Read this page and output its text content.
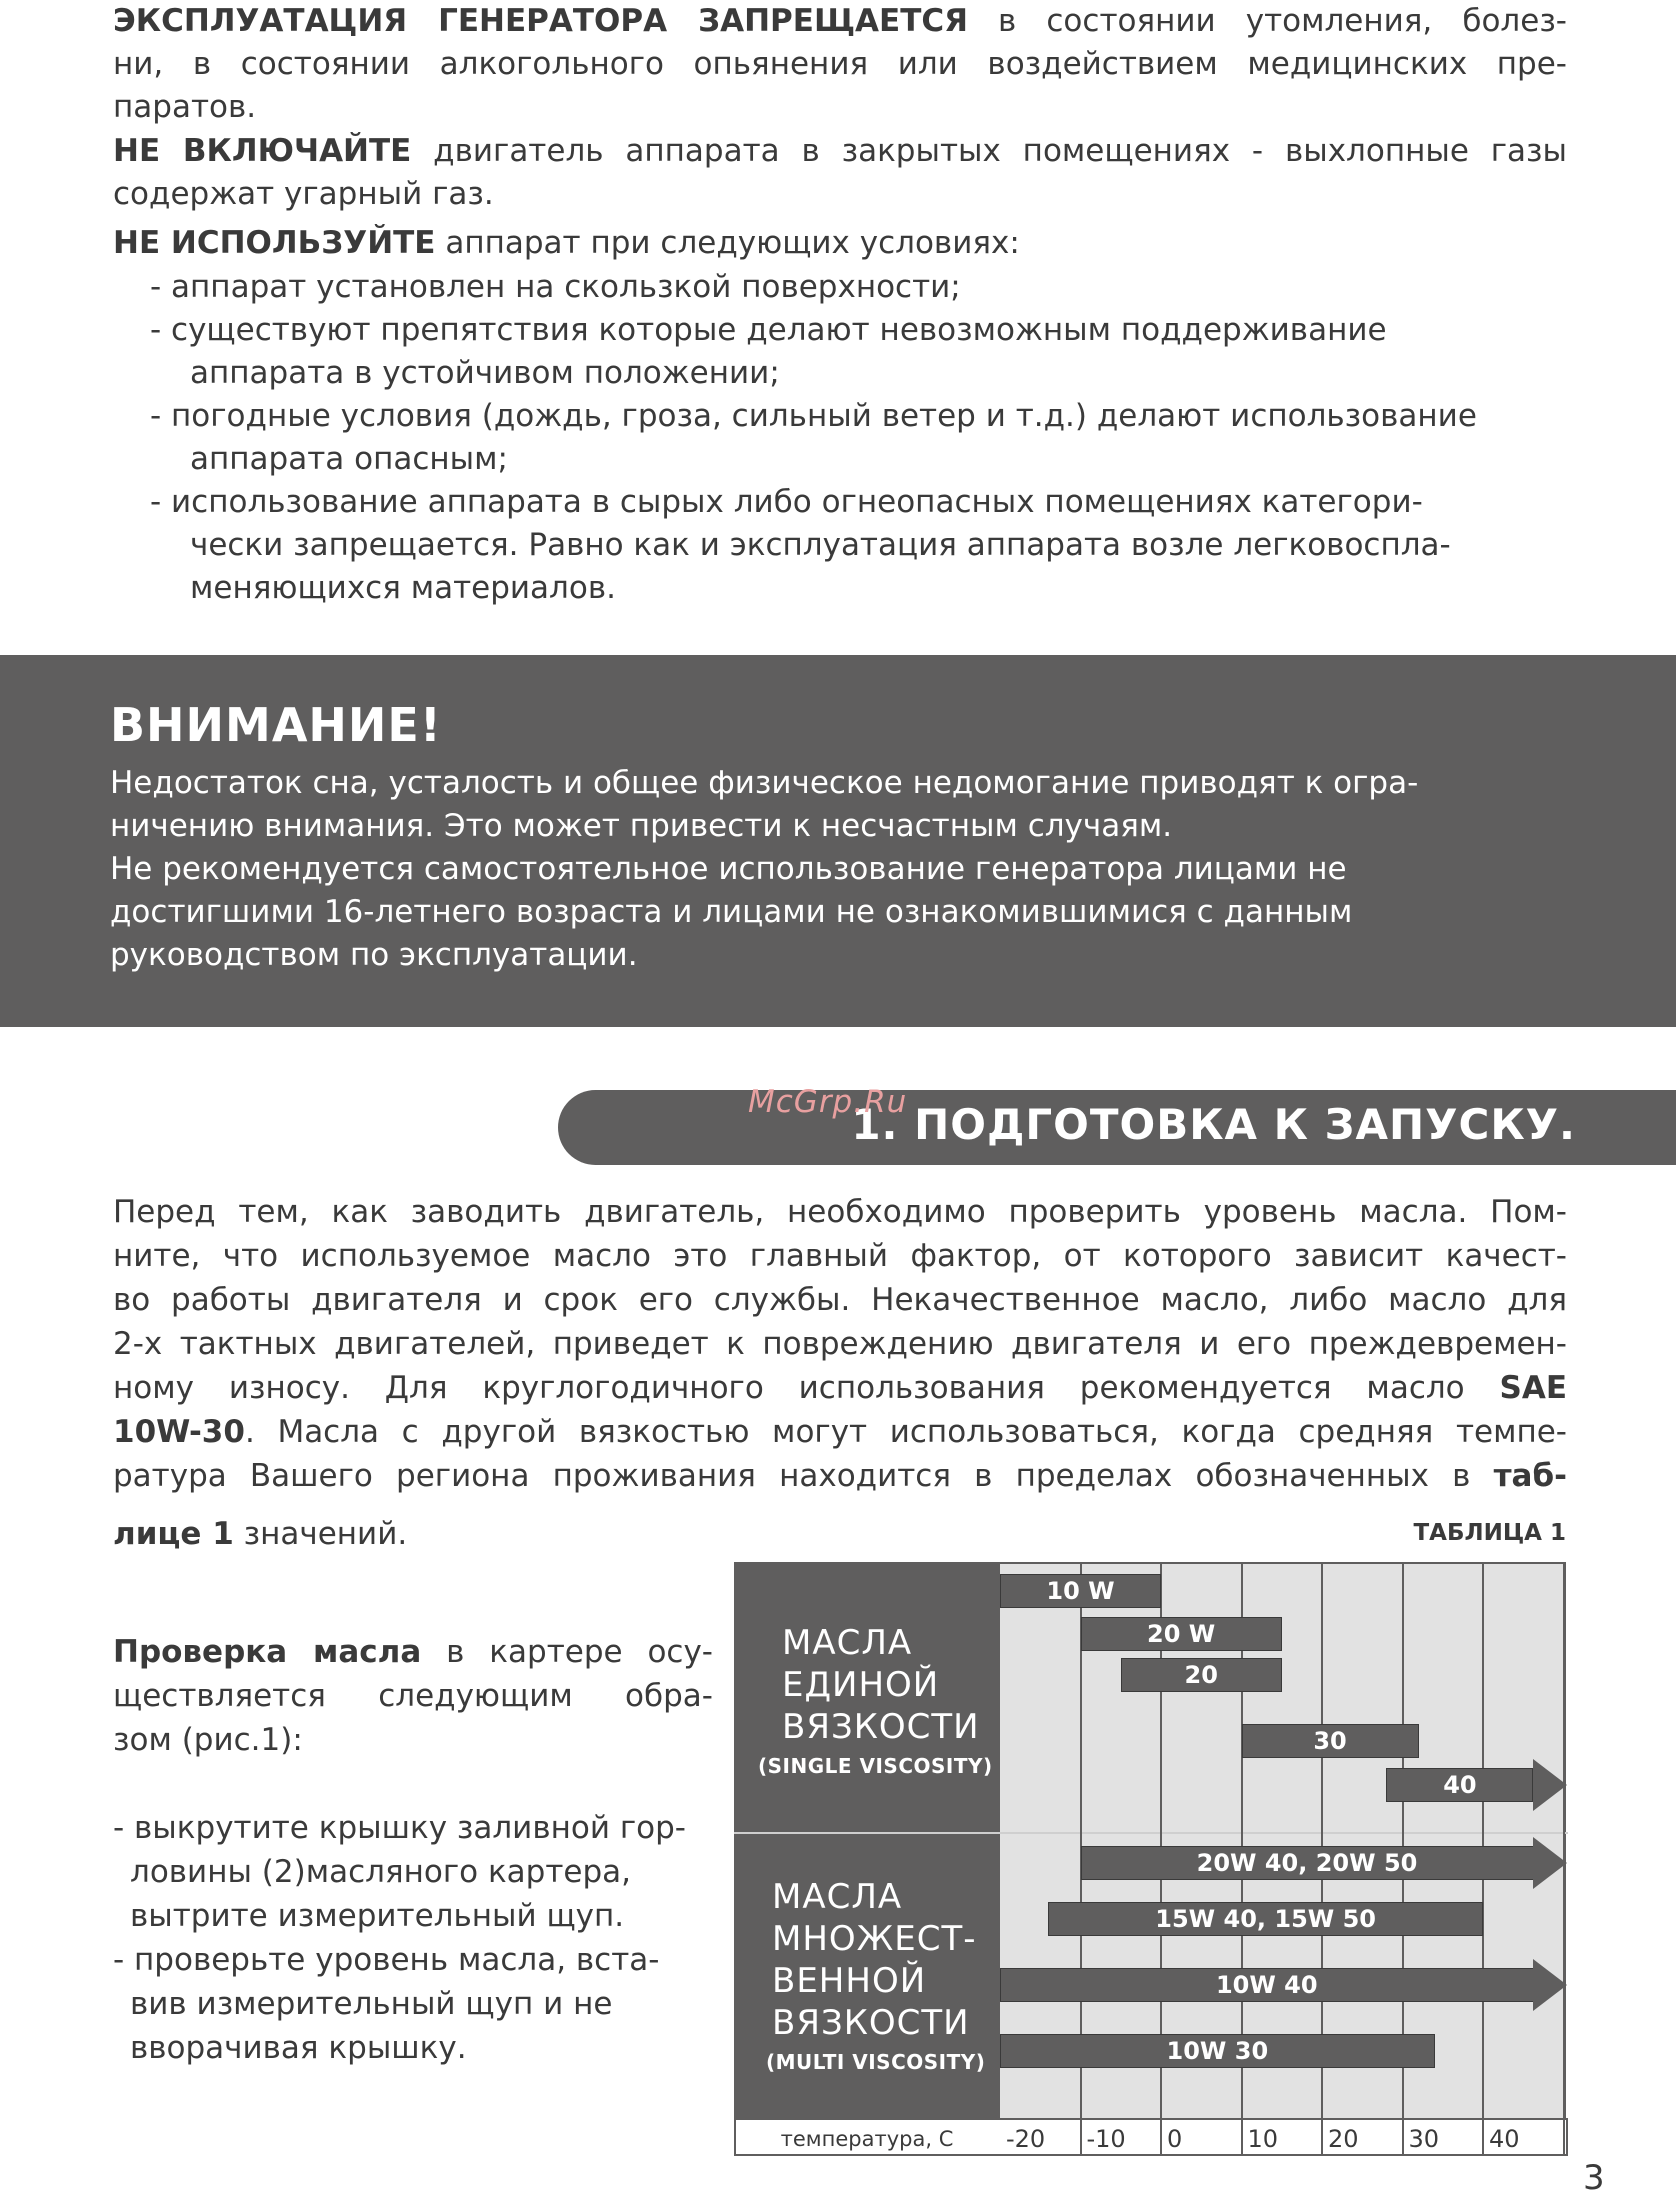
ЭКСПЛУАТАЦИЯ ГЕНЕРАТОРА ЗАПРЕЩАЕТСЯ в состоянии утомления, болез-
ни, в состоянии алкогольного опьянения или воздействием медицинских пре-
паратов.
НЕ ВКЛЮЧАЙТЕ двигатель аппарата в закрытых помещениях - выхлопные газы
содержат угарный газ.
НЕ ИСПОЛЬЗУЙТЕ аппарат при следующих условиях:
- аппарат установлен на скользкой поверхности;
- существуют препятствия которые делают невозможным поддерживание
аппарата в устойчивом положении;
- погодные условия (дождь, гроза, сильный ветер и т.д.) делают использование
аппарата опасным;
- использование аппарата в сырых либо огнеопасных помещениях категори-
чески запрещается. Равно как и эксплуатация аппарата возле легковоспла-
меняющихся материалов.
ВНИМАНИЕ!
Недостаток сна, усталость и общее физическое недомогание приводят к огра-
ничению внимания. Это может привести к несчастным случаям.
Не рекомендуется самостоятельное использование генератора лицами не
достигшими 16-летнего возраста и лицами не ознакомившимися с данным
руководством по эксплуатации.
1. ПОДГОТОВКА К ЗАПУСКУ.
McGrp.Ru
Перед тем, как заводить двигатель, необходимо проверить уровень масла. Пом-
ните, что используемое масло это главный фактор, от которого зависит качест-
во работы двигателя и срок его службы. Некачественное масло, либо масло для
2-х тактных двигателей, приведет к повреждению двигателя и его преждевремен-
ному износу. Для круглогодичного использования рекомендуется масло SAE
10W-30. Масла с другой вязкостью могут использоваться, когда средняя темпе-
ратура Вашего региона проживания находится в пределах обозначенных в таб-
лице 1 значений.
Проверка масла в картере осу-
ществляется следующим обра-
зом (рис.1):
- выкрутите крышку заливной гор-
ловины (2)масляного картера,
вытрите измерительный щуп.
- проверьте уровень масла, вста-
вив измерительный щуп и не
вворачивая крышку.
ТАБЛИЦА 1
температура, С
МАСЛА
ЕДИНОЙ
ВЯЗКОСТИ
(SINGLE VISCOSITY)
МАСЛА
МНОЖЕСТ-
ВЕННОЙ
ВЯЗКОСТИ
(MULTI VISCOSITY)
-20 -10 0	10 20 30 40
10 W
20 W
20
30
40
20W 40, 20W 50
15W 40, 15W 50
10W 40
10W 30
3
